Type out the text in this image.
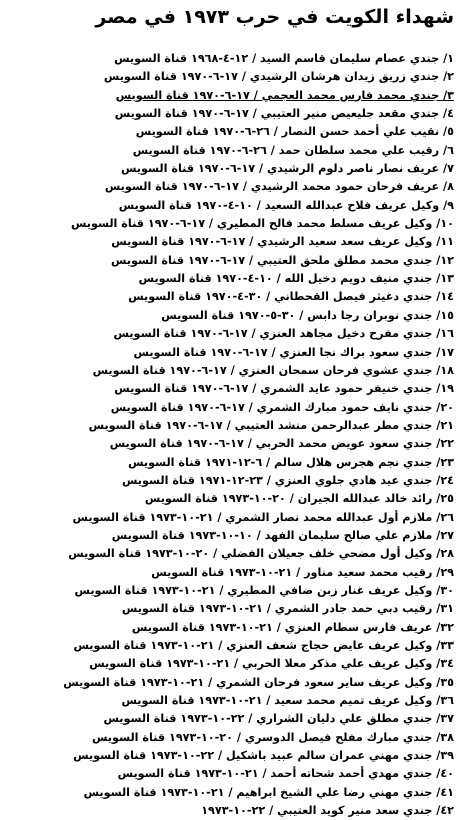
شهداء الكويت في حرب ١٩٧٣ في مصر
١/ جندي عصام سليمان قاسم السيد / ١٢-٤-١٩٦٨ قناة السويس
٢/ جندي زريق زيدان هرشان الرشيدي / ١٧-٦-١٩٧٠ قناة السويس
٣/ جندي محمد فارس محمد العجمي / ١٧-٦-١٩٧٠ قناة السويس
٤/ جندي مقعد جليعيص منير العتيبي / ١٧-٦-١٩٧٠ قناة السويس
٥/ نقيب علي أحمد حسن النصار / ٢٦-٦-١٩٧٠ قناة السويس
٦/ رقيب علي محمد سلطان حمد / ٢٦-٦-١٩٧٠ قناة السويس
٧/ عريف نصار ناصر دلوم الرشيدي / ١٧-٦-١٩٧٠ قناة السويس
٨/ عريف فرحان حمود محمد الرشيدي / ١٧-٦-١٩٧٠ قناة السويس
٩/ وكيل عريف فلاح عبدالله السعيد / ١٠-٤-١٩٧٠ قناة السويس
١٠/ وكيل عريف مسلط محمد فالح المطيري / ١٧-٦-١٩٧٠ قناة السويس
١١/ وكيل عريف سعد سعيد الرشيدي / ١٧-٦-١٩٧٠ قناة السويس
١٢/ جندي محمد مطلق ملحق العتيبي / ١٧-٦-١٩٧٠ قناة السويس
١٣/ جندي منيف دويم دخيل الله / ١٠-٤-١٩٧٠ قناة السويس
١٤/ جندي دغيثر فيصل القحطاني / ٣٠-٤-١٩٧٠ قناة السويس
١٥/ جندي نوبران رجا دابس / ٣٠-٥-١٩٧٠ قناة السويس
١٦/ جندي مفرح دخيل مجاهد العنزي / ١٧-٦-١٩٧٠ قناة السويس
١٧/ جندي سعود براك نجا العنزي / ١٧-٦-١٩٧٠ قناة السويس
١٨/ جندي عشوي فرحان سمحان العنزي / ١٧-٦-١٩٧٠ قناة السويس
١٩/ جندي خنيفر حمود عايد الشمري / ١٧-٦-١٩٧٠ قناة السويس
٢٠/ جندي نايف حمود مبارك الشمري / ١٧-٦-١٩٧٠ قناة السويس
٢١/ جندي مطر عبدالرحمن منشد العتيبي / ١٧-٦-١٩٧٠ قناة السويس
٢٢/ جندي سعود عويض محمد الحربي / ١٧-٦-١٩٧٠ قناة السويس
٢٣/ جندي نجم هجرس هلال سالم / ٦-١٢-١٩٧١ قناة السويس
٢٤/ جندي عيد هادي جلوي العنزي / ٢٣-١٢-١٩٧١ قناة السويس
٢٥/ رائد خالد عبدالله الجيران / ٢٠-١٠-١٩٧٣ قناة السويس
٢٦/ ملازم أول عبدالله محمد نصار الشمري / ٢١-١٠-١٩٧٣ قناة السويس
٢٧/ ملازم علي صالح سليمان الفهد / ١٠-١٠-١٩٧٣ قناة السويس
٢٨/ وكيل أول مضحي خلف جعيلان الفضلي / ٢٠-١٠-١٩٧٣ قناة السويس
٢٩/ رقيب محمد سعيد مناور / ٢١-١٠-١٩٧٣ قناة السويس
٣٠/ وكيل عريف غنار زبن ضافي المطيري / ٢١-١٠-١٩٧٣ قناة السويس
٣١/ رقيب دبي حمد جادر الشمري / ٢١-١٠-١٩٧٣ قناة السويس
٣٢/ عريف فارس سطام العنزي / ٢١-١٠-١٩٧٣ قناة السويس
٣٣/ وكيل عريف عايض حجاج شعف العنزي / ٢١-١٠-١٩٧٣ قناة السويس
٣٤/ وكيل عريف علي مذكر معلا الحربي / ٢١-١٠-١٩٧٣ قناة السويس
٣٥/ وكيل عريف ساير سعود فرحان الشمري / ٢١-١٠-١٩٧٣ قناة السويس
٣٦/ وكيل عريف تميم محمد سعيد / ٢١-١٠-١٩٧٣ قناة السويس
٣٧/ جندي مطلق علي دليان الشراري / ٢٢-١٠-١٩٧٣ قناة السويس
٣٨/ جندي مبارك مفلح فيصل الدوسري / ٢٠-١٠-١٩٧٣ قناة السويس
٣٩/ جندي مهني عمران سالم عبيد باشكيل / ٢٢-١٠-١٩٧٣ قناة السويس
٤٠/ جندي مهدي أحمد شحاته أحمد / ٢١-١٠-١٩٧٣ قناة السويس
٤١/ جندي مهني رضا علي الشيخ ابراهيم / ٢١-١٠-١٩٧٣ قناة السويس
٤٢/ جندي سعد منير كويد العتيبي / ٢٢-١٠-١٩٧٣
